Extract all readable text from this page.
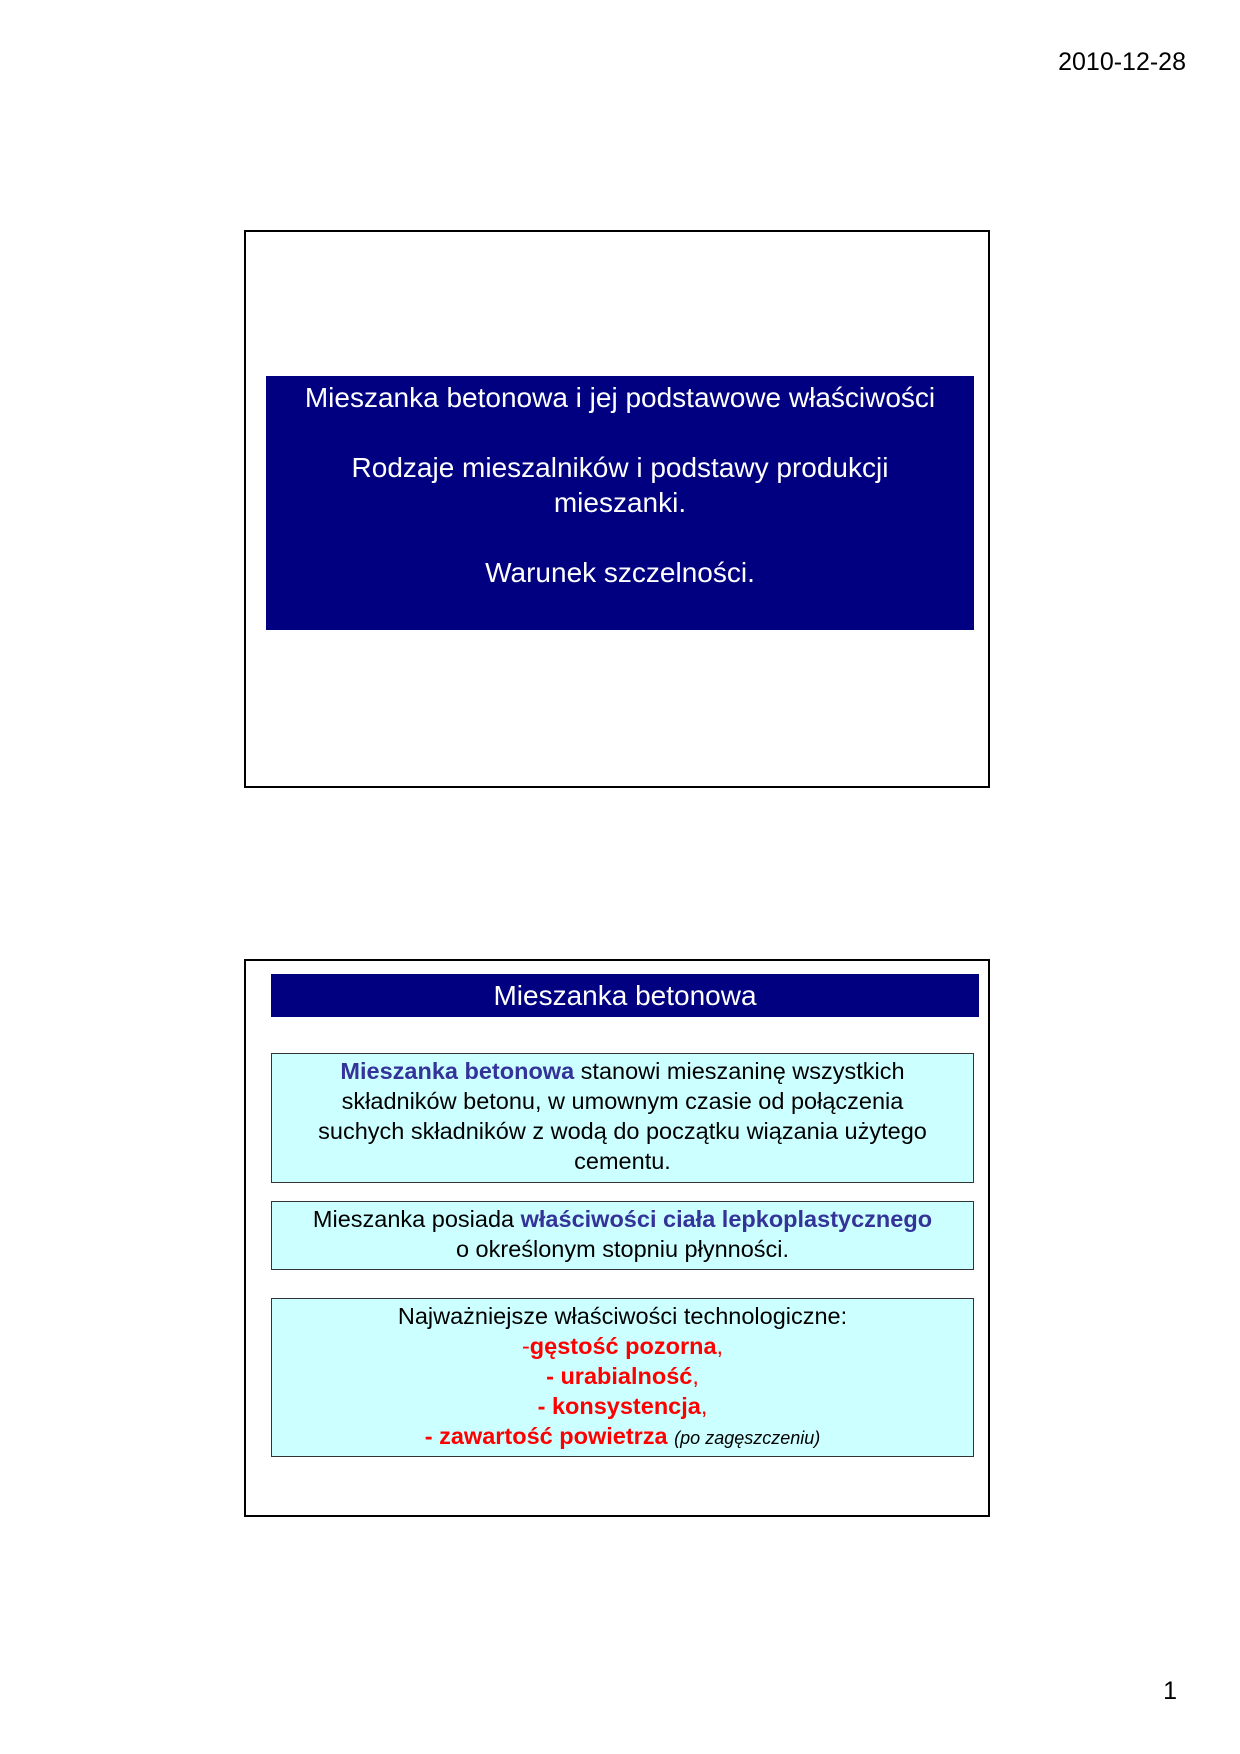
2010-12-28
Mieszanka betonowa i jej podstawowe właściwości
Rodzaje mieszalników i podstawy produkcji
mieszanki.
Warunek szczelności.
Mieszanka betonowa
Mieszanka betonowa stanowi mieszaninę wszystkich
składników betonu, w umownym czasie od połączenia
suchych składników z wodą do początku wiązania użytego
cementu.
Mieszanka posiada właściwości ciała lepkoplastycznego
o określonym stopniu płynności.
Najważniejsze właściwości technologiczne:
-gęstość pozorna,
- urabialność,
- konsystencja,
- zawartość powietrza (po zagęszczeniu)
1
